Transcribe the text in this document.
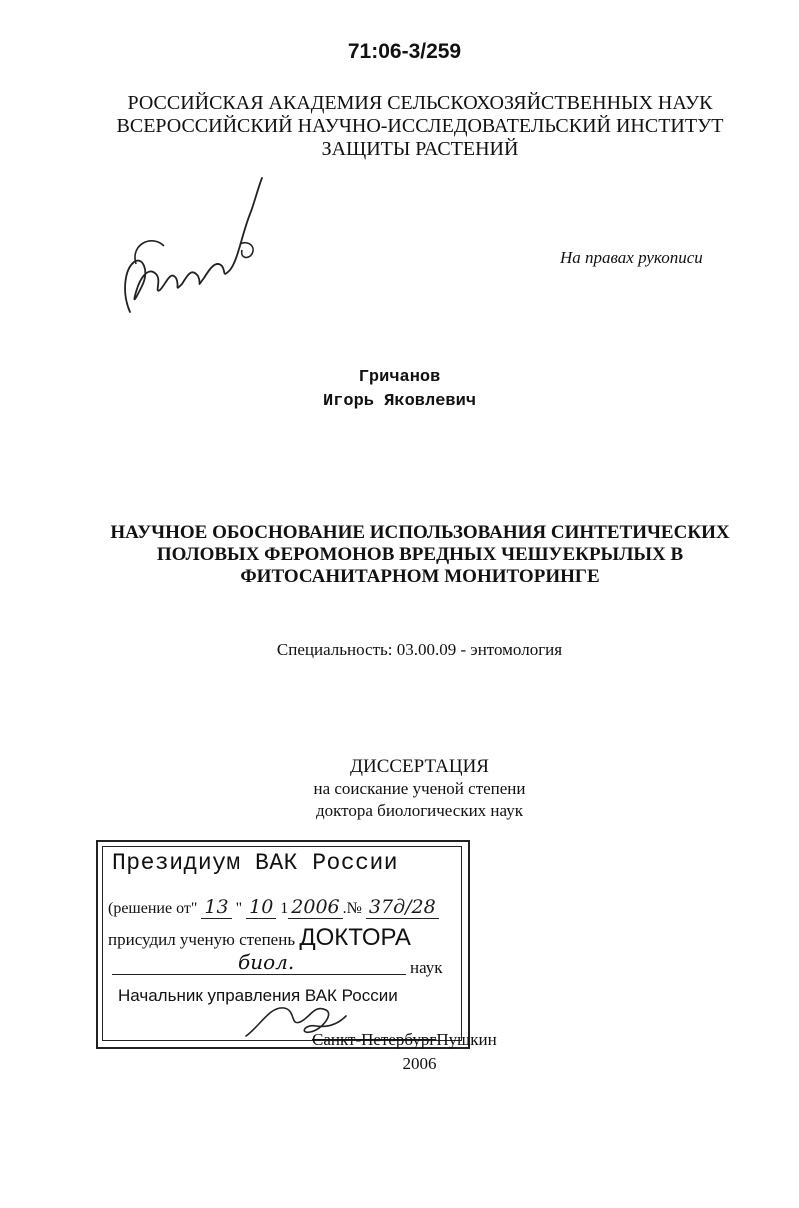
71:06-3/259
РОССИЙСКАЯ АКАДЕМИЯ СЕЛЬСКОХОЗЯЙСТВЕННЫХ НАУК
ВСЕРОССИЙСКИЙ НАУЧНО-ИССЛЕДОВАТЕЛЬСКИЙ ИНСТИТУТ
ЗАЩИТЫ РАСТЕНИЙ
На правах рукописи
Гричанов
Игорь Яковлевич
НАУЧНОЕ ОБОСНОВАНИЕ ИСПОЛЬЗОВАНИЯ СИНТЕТИЧЕСКИХ
ПОЛОВЫХ ФЕРОМОНОВ ВРЕДНЫХ ЧЕШУЕКРЫЛЫХ В
ФИТОСАНИТАРНОМ МОНИТОРИНГЕ
Специальность: 03.00.09 - энтомология
ДИССЕРТАЦИЯ
на соискание ученой степени
доктора биологических наук
Президиум ВАК России
(решение от" 13 " 10 1 2006 .№ 37д/28
присудил ученую степень ДОКТОРА
биол.	наук
Начальник управления ВАК России
Санкт-ПетербургПушкин
2006
